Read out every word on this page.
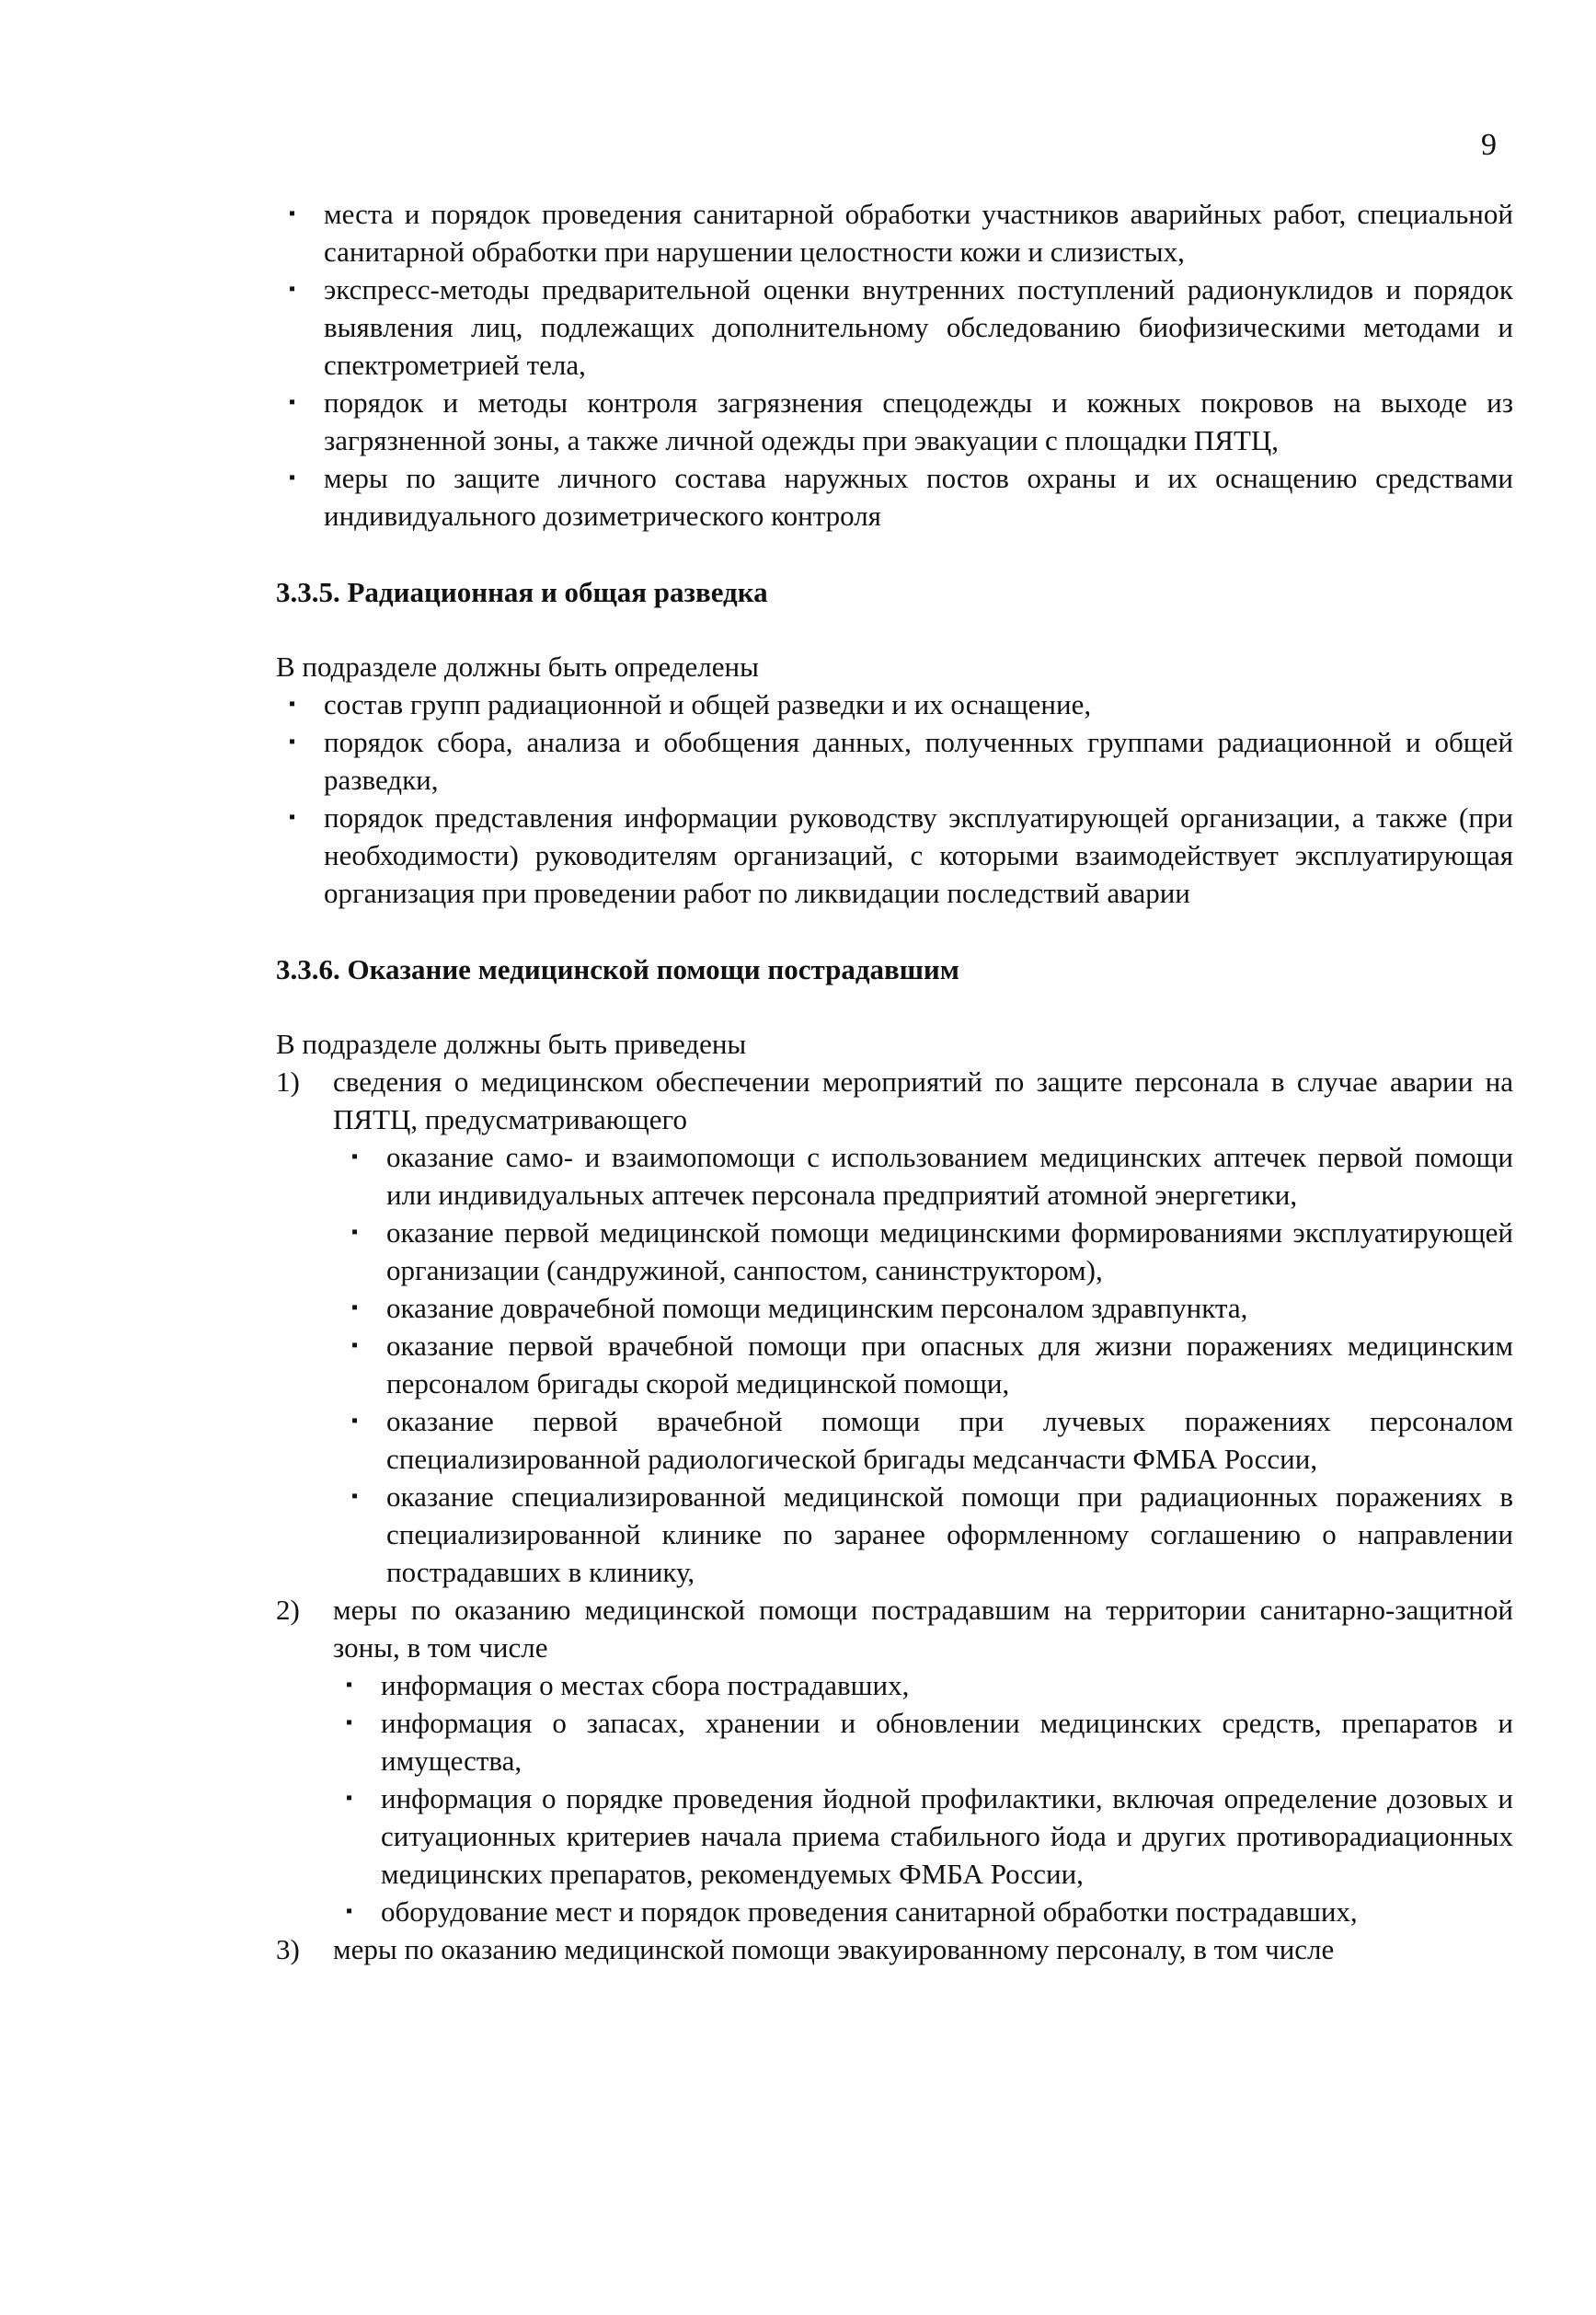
9
▪ места и порядок проведения санитарной обработки участников аварийных работ, специальной санитарной обработки при нарушении целостности кожи и слизистых,
▪ экспресс-методы предварительной оценки внутренних поступлений радионуклидов и порядок выявления лиц, подлежащих дополнительному обследованию биофизическими методами и спектрометрией тела,
▪ порядок и методы контроля загрязнения спецодежды и кожных покровов на выходе из загрязненной зоны, а также личной одежды при эвакуации с площадки ПЯТЦ,
▪ меры по защите личного состава наружных постов охраны и их оснащению средствами индивидуального дозиметрического контроля
3.3.5. Радиационная и общая разведка
В подразделе должны быть определены
▪ состав групп радиационной и общей разведки и их оснащение,
▪ порядок сбора, анализа и обобщения данных, полученных группами радиационной и общей разведки,
▪ порядок представления информации руководству эксплуатирующей организации, а также (при необходимости) руководителям организаций, с которыми взаимодействует эксплуатирующая организация при проведении работ по ликвидации последствий аварии
3.3.6. Оказание медицинской помощи пострадавшим
В подразделе должны быть приведены
1) сведения о медицинском обеспечении мероприятий по защите персонала в случае аварии на ПЯТЦ, предусматривающего
▪ оказание само- и взаимопомощи с использованием медицинских аптечек первой помощи или индивидуальных аптечек персонала предприятий атомной энергетики,
▪ оказание первой медицинской помощи медицинскими формированиями эксплуатирующей организации (сандружиной, санпостом, санинструктором),
▪ оказание доврачебной помощи медицинским персоналом здравпункта,
▪ оказание первой врачебной помощи при опасных для жизни поражениях медицинским персоналом бригады скорой медицинской помощи,
▪ оказание первой врачебной помощи при лучевых поражениях персоналом специализированной радиологической бригады медсанчасти ФМБА России,
▪ оказание специализированной медицинской помощи при радиационных поражениях в специализированной клинике по заранее оформленному соглашению о направлении пострадавших в клинику,
2) меры по оказанию медицинской помощи пострадавшим на территории санитарно-защитной зоны, в том числе
▪ информация о местах сбора пострадавших,
▪ информация о запасах, хранении и обновлении медицинских средств, препаратов и имущества,
▪ информация о порядке проведения йодной профилактики, включая определение дозовых и ситуационных критериев начала приема стабильного йода и других противорадиационных медицинских препаратов, рекомендуемых ФМБА России,
▪ оборудование мест и порядок проведения санитарной обработки пострадавших,
3) меры по оказанию медицинской помощи эвакуированному персоналу, в том числе
